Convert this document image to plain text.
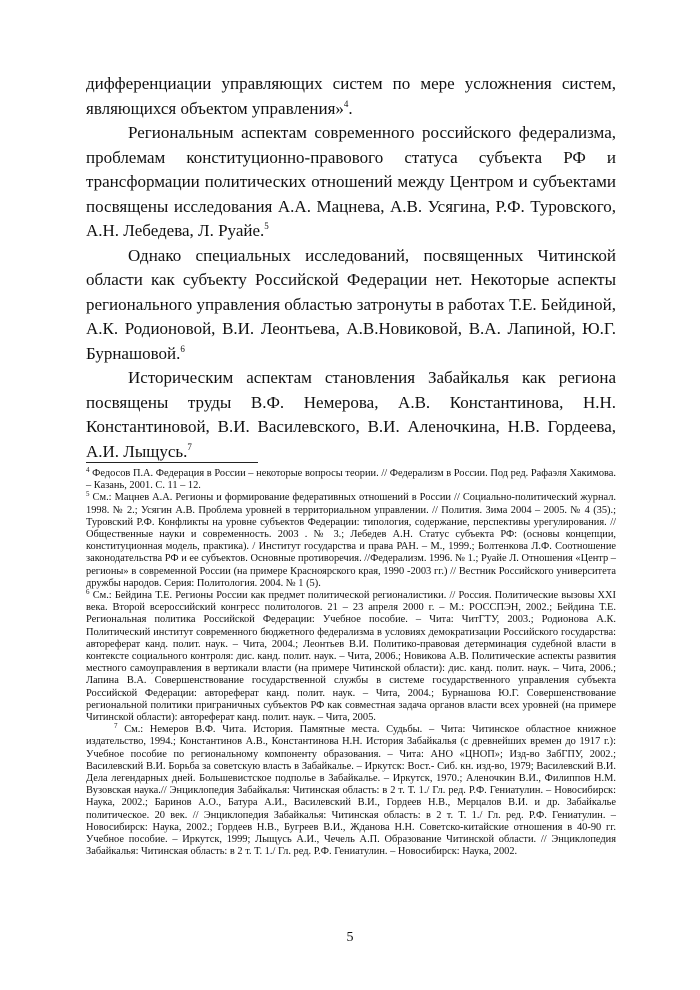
дифференциации управляющих систем по мере усложнения систем, являющихся объектом управления»$^4$.

Региональным аспектам современного российского федерализма, проблемам конституционно-правового статуса субъекта РФ и трансформации политических отношений между Центром и субъектами посвящены исследования А.А. Мацнева, А.В. Усягина, Р.Ф. Туровского, А.Н. Лебедева, Л. Руайе.$^5$

Однако специальных исследований, посвященных Читинской области как субъекту Российской Федерации нет. Некоторые аспекты регионального управления областью затронуты в работах Т.Е. Бейдиной, А.К. Родионовой, В.И. Леонтьева, А.В.Новиковой, В.А. Лапиной, Ю.Г. Бурнашовой.$^6$

Историческим аспектам становления Забайкалья как региона посвящены труды В.Ф. Немерова, А.В. Константинова, Н.Н. Константиновой, В.И. Василевского, В.И. Аленочкина, Н.В. Гордеева, А.И. Лыщусь.$^7$

$^4$ Федосов П.А. Федерация в России – некоторые вопросы теории. // Федерализм в России. Под ред. Рафаэля Хакимова. – Казань, 2001. С. 11 – 12.

$^5$ См.: Мацнев А.А. Регионы и формирование федеративных отношений в России // Социально-политический журнал. 1998. № 2.; Усягин А.В. Проблема уровней в территориальном управлении. // Полития. Зима 2004 – 2005. № 4 (35).; Туровский Р.Ф. Конфликты на уровне субъектов Федерации: типология, содержание, перспективы урегулирования. // Общественные науки и современность. 2003 . № 3.; Лебедев А.Н. Статус субъекта РФ: (основы концепции, конституционная модель, практика). / Институт государства и права РАН. – М., 1999.; Болтенкова Л.Ф. Соотношение законодательства РФ и ее субъектов. Основные противоречия. //Федерализм. 1996. № 1.; Руайе Л. Отношения «Центр – регионы» в современной России (на примере Красноярского края, 1990 -2003 гг.) // Вестник Российского университета дружбы народов. Серия: Политология. 2004. № 1 (5).

$^6$ См.: Бейдина Т.Е. Регионы России как предмет политической регионалистики. // Россия. Политические вызовы XXI века. Второй всероссийский конгресс политологов. 21 – 23 апреля 2000 г. – М.: РОССПЭН, 2002.; Бейдина Т.Е. Региональная политика Российской Федерации: Учебное пособие. – Чита: ЧитГТУ, 2003.; Родионова А.К. Политический институт современного бюджетного федерализма в условиях демократизации Российского государства: автореферат канд. полит. наук. – Чита, 2004.; Леонтьев В.И. Политико-правовая детерминация судебной власти в контексте социального контроля: дис. канд. полит. наук. – Чита, 2006.; Новикова А.В. Политические аспекты развития местного самоуправления в вертикали власти (на примере Читинской области): дис. канд. полит. наук. – Чита, 2006.; Лапина В.А. Совершенствование государственной службы в системе государственного управления субъекта Российской Федерации: автореферат канд. полит. наук. – Чита, 2004.; Бурнашова Ю.Г. Совершенствование региональной политики приграничных субъектов РФ как совместная задача органов власти всех уровней (на примере Читинской области): автореферат канд. полит. наук. – Чита, 2005.

$^7$ См.: Немеров В.Ф. Чита. История. Памятные места. Судьбы. – Чита: Читинское областное книжное издательство, 1994.; Константинов А.В., Константинова Н.Н. История Забайкалья (с древнейших времен до 1917 г.): Учебное пособие по региональному компоненту образования. – Чита: АНО «ЦНОП»; Изд-во ЗабГПУ, 2002.; Василевский В.И. Борьба за советскую власть в Забайкалье. – Иркутск: Вост.- Сиб. кн. изд-во, 1979; Василевский В.И. Дела легендарных дней. Большевистское подполье в Забайкалье. – Иркутск, 1970.; Аленочкин В.И., Филиппов Н.М. Вузовская наука.// Энциклопедия Забайкалья: Читинская область: в 2 т. Т. 1./ Гл. ред. Р.Ф. Гениатулин. – Новосибирск: Наука, 2002.; Баринов А.О., Батура А.И., Василевский В.И., Гордеев Н.В., Мерцалов В.И. и др. Забайкалье политическое. 20 век. // Энциклопедия Забайкалья: Читинская область: в 2 т. Т. 1./ Гл. ред. Р.Ф. Гениатулин. – Новосибирск: Наука, 2002.; Гордеев Н.В., Бугреев В.И., Жданова Н.Н. Советско-китайские отношения в 40-90 гг. Учебное пособие. – Иркутск, 1999; Лыщусь А.И., Чечель А.П. Образование Читинской области. // Энциклопедия Забайкалья: Читинская область: в 2 т. Т. 1./ Гл. ред. Р.Ф. Гениатулин. – Новосибирск: Наука, 2002.

5
